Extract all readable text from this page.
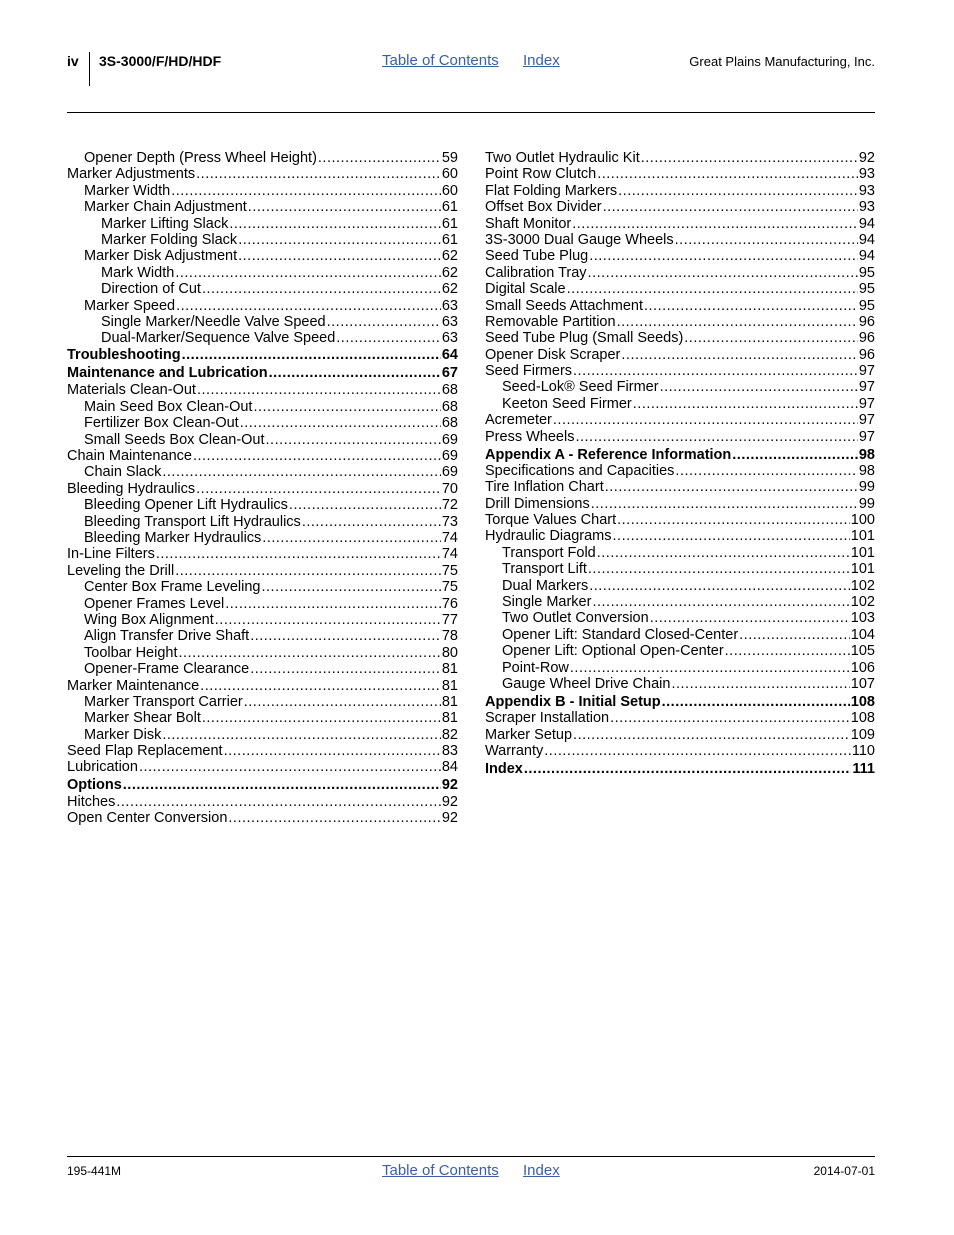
iv 3S-3000/F/HD/HDF	Table of Contents Index	Great Plains Manufacturing, Inc.
Opener Depth (Press Wheel Height) .....	59
Marker Adjustments .....	60
Marker Width .....	60
Marker Chain Adjustment .....	61
Marker Lifting Slack .....	61
Marker Folding Slack .....	61
Marker Disk Adjustment .....	62
Mark Width .....	62
Direction of Cut .....	62
Marker Speed .....	63
Single Marker/Needle Valve Speed .....	63
Dual-Marker/Sequence Valve Speed .....	63
Troubleshooting .....	64
Maintenance and Lubrication .....	67
Materials Clean-Out .....	68
Main Seed Box Clean-Out .....	68
Fertilizer Box Clean-Out .....	68
Small Seeds Box Clean-Out .....	69
Chain Maintenance .....	69
Chain Slack .....	69
Bleeding Hydraulics .....	70
Bleeding Opener Lift Hydraulics .....	72
Bleeding Transport Lift Hydraulics .....	73
Bleeding Marker Hydraulics .....	74
In-Line Filters .....	74
Leveling the Drill .....	75
Center Box Frame Leveling .....	75
Opener Frames Level .....	76
Wing Box Alignment .....	77
Align Transfer Drive Shaft .....	78
Toolbar Height .....	80
Opener-Frame Clearance .....	81
Marker Maintenance .....	81
Marker Transport Carrier .....	81
Marker Shear Bolt .....	81
Marker Disk .....	82
Seed Flap Replacement .....	83
Lubrication .....	84
Options .....	92
Hitches .....	92
Open Center Conversion .....	92
Two Outlet Hydraulic Kit .....	92
Point Row Clutch .....	93
Flat Folding Markers .....	93
Offset Box Divider .....	93
Shaft Monitor .....	94
3S-3000 Dual Gauge Wheels .....	94
Seed Tube Plug .....	94
Calibration Tray .....	95
Digital Scale .....	95
Small Seeds Attachment .....	95
Removable Partition .....	96
Seed Tube Plug (Small Seeds) .....	96
Opener Disk Scraper .....	96
Seed Firmers .....	97
Seed-Lok® Seed Firmer .....	97
Keeton Seed Firmer .....	97
Acremeter .....	97
Press Wheels .....	97
Appendix A - Reference Information .....	98
Specifications and Capacities .....	98
Tire Inflation Chart .....	99
Drill Dimensions .....	99
Torque Values Chart .....	100
Hydraulic Diagrams .....	101
Transport Fold .....	101
Transport Lift .....	101
Dual Markers .....	102
Single Marker .....	102
Two Outlet Conversion .....	103
Opener Lift: Standard Closed-Center .....	104
Opener Lift: Optional Open-Center .....	105
Point-Row .....	106
Gauge Wheel Drive Chain .....	107
Appendix B - Initial Setup .....	108
Scraper Installation .....	108
Marker Setup .....	109
Warranty .....	110
Index .....	111
195-441M	Table of Contents Index	2014-07-01
